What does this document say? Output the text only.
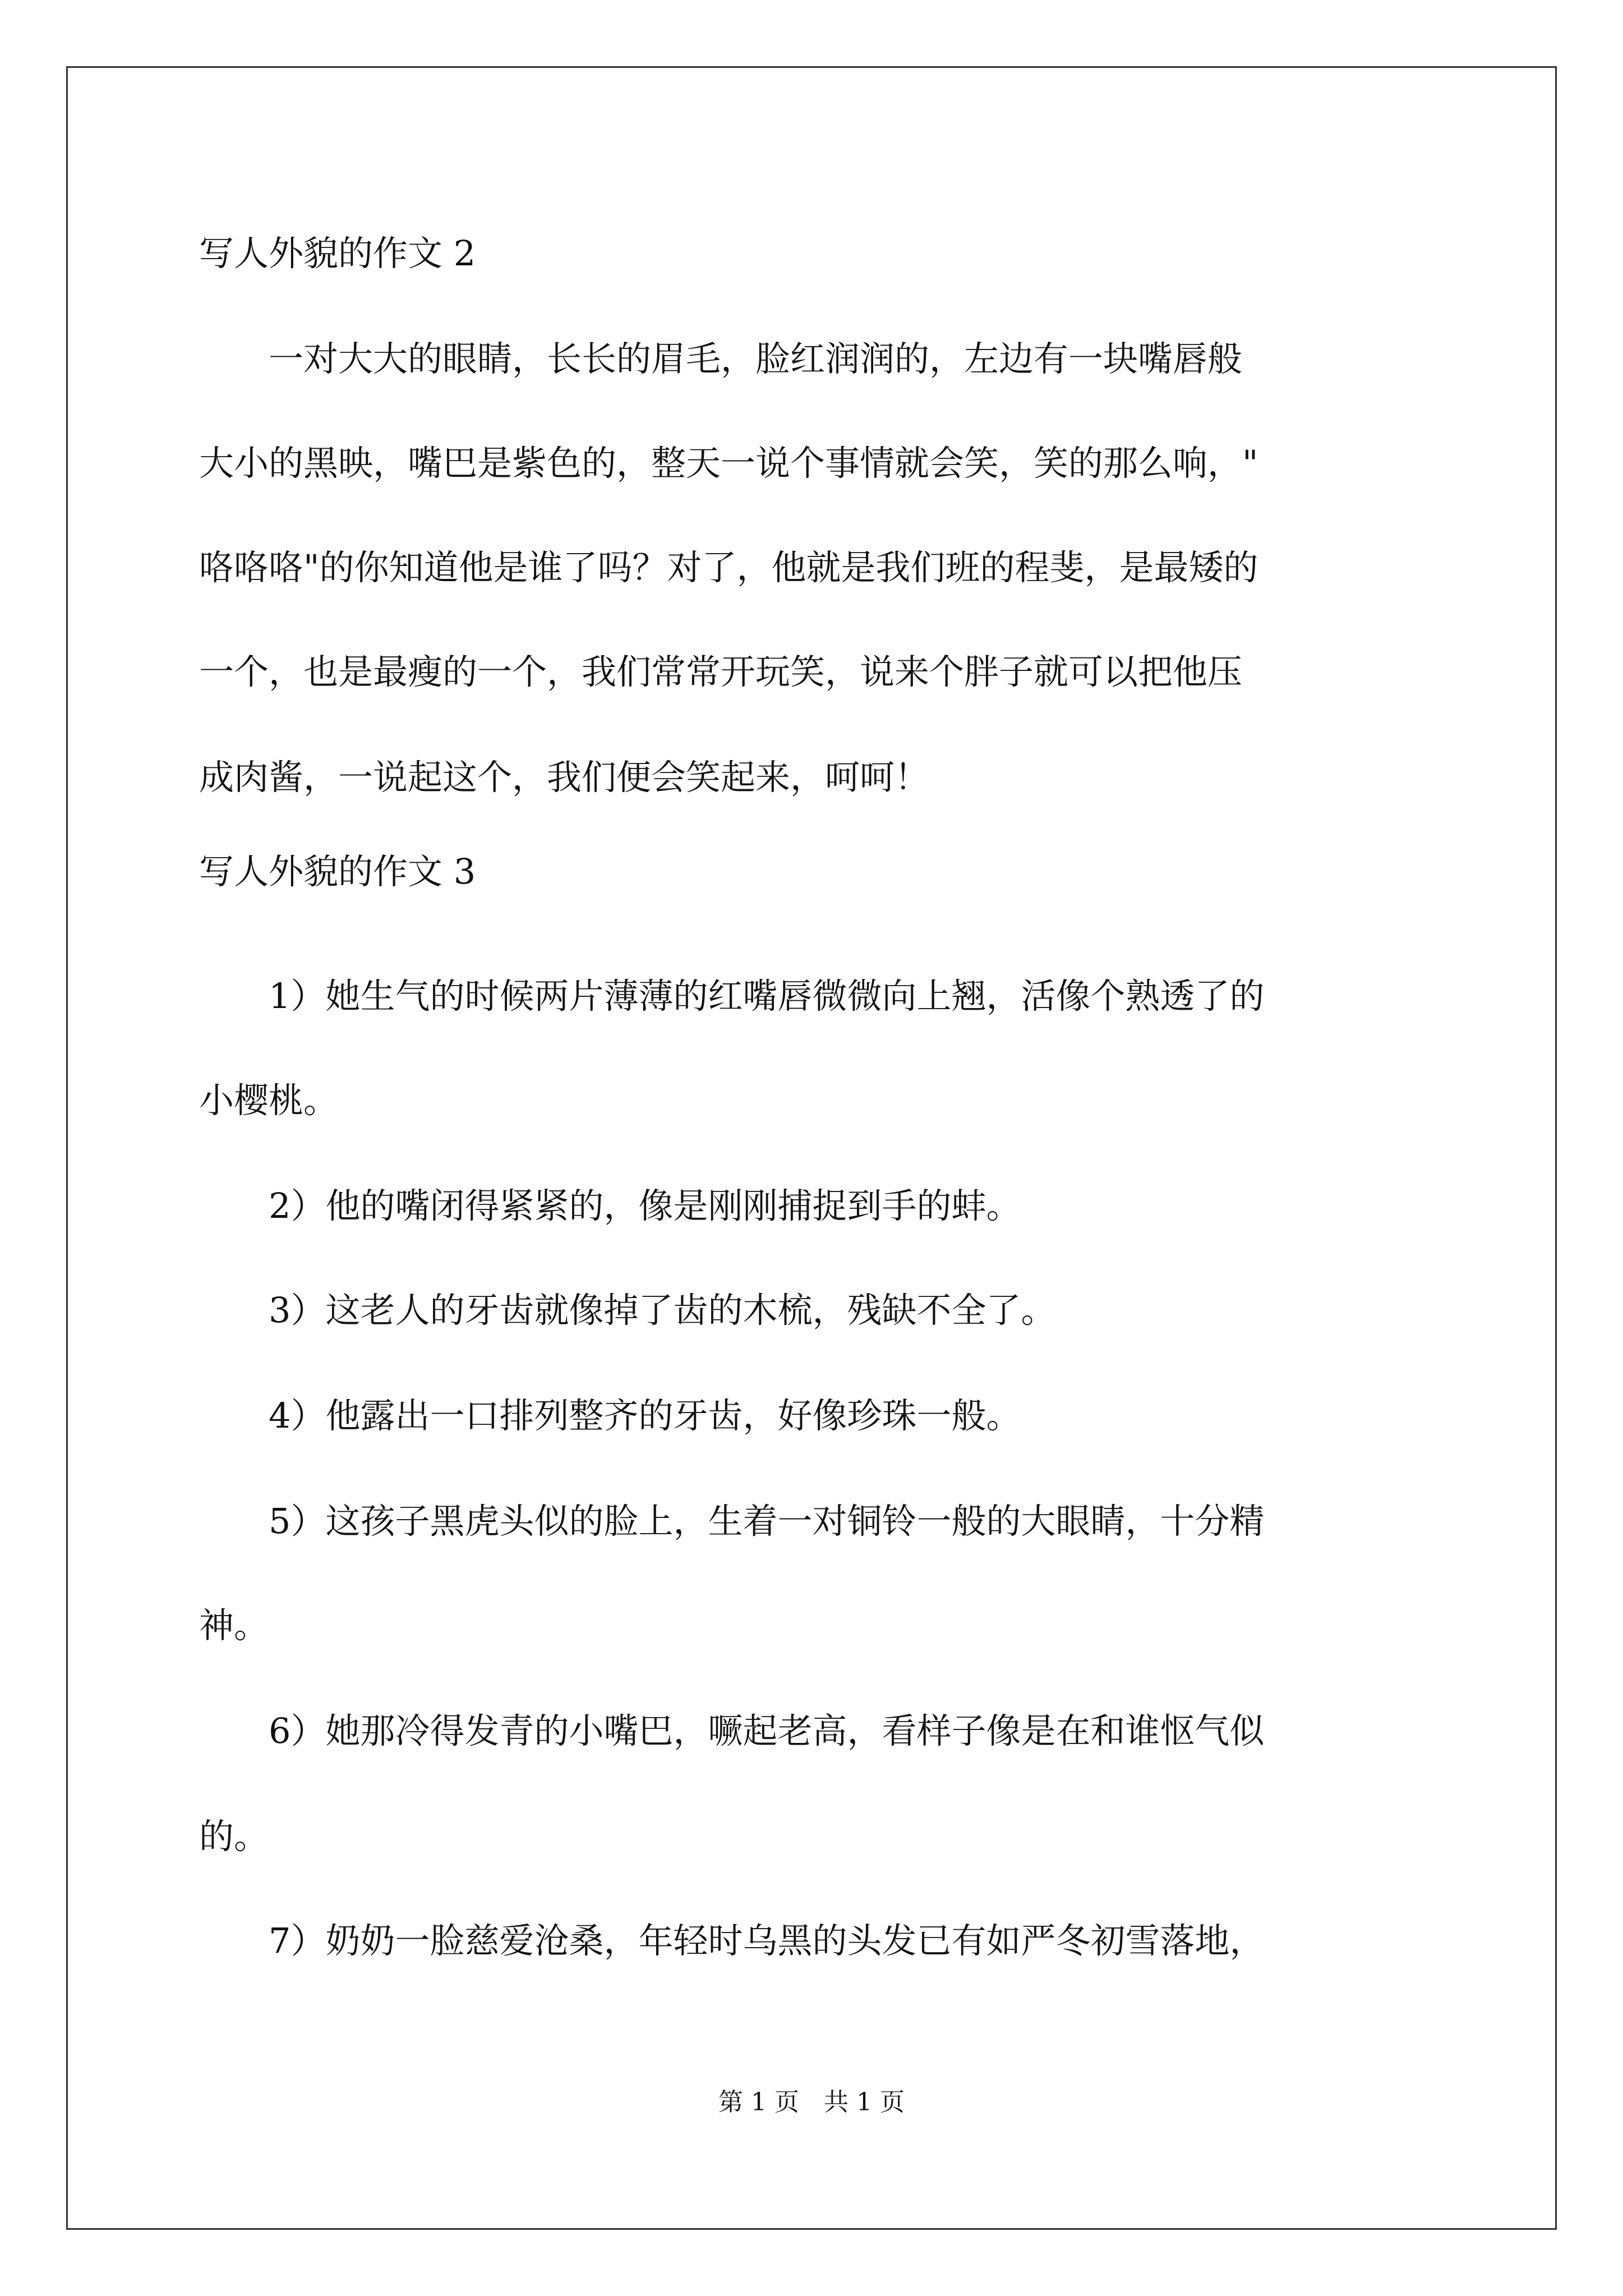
写人外貌的作文 2
　　一对大大的眼睛，长长的眉毛，脸红润润的，左边有一块嘴唇般
大小的黑映，嘴巴是紫色的，整天一说个事情就会笑，笑的那么响，"
咯咯咯"的你知道他是谁了吗？对了，他就是我们班的程斐，是最矮的
一个，也是最瘦的一个，我们常常开玩笑，说来个胖子就可以把他压
成肉酱，一说起这个，我们便会笑起来，呵呵！
写人外貌的作文 3
　　1）她生气的时候两片薄薄的红嘴唇微微向上翘，活像个熟透了的
小樱桃。
　　2）他的嘴闭得紧紧的，像是刚刚捕捉到手的蚌。
　　3）这老人的牙齿就像掉了齿的木梳，残缺不全了。
　　4）他露出一口排列整齐的牙齿，好像珍珠一般。
　　5）这孩子黑虎头似的脸上，生着一对铜铃一般的大眼睛，十分精
神。
　　6）她那冷得发青的小嘴巴，噘起老高，看样子像是在和谁怄气似
的。
　　7）奶奶一脸慈爱沧桑，年轻时乌黑的头发已有如严冬初雪落地，
第 1 页　共 1 页
